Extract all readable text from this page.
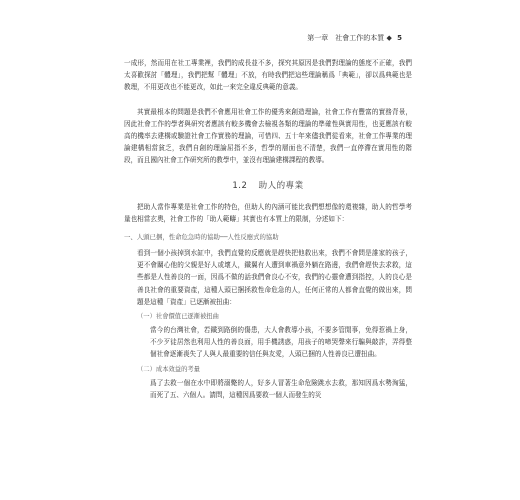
第一章　社會工作的本質 ◆ 5

一成形，然而用在社工專業裡，我們的成長並不多，探究其原因是我們對理論的態度不正確，我們太喜歡探討「體理」，我們把幫「體理」不放，有時我們把這些理論稱爲「典範」，卻以爲典範也是教理，不用更改也不能更改，如此一來完全違反典範的意義。

其實最根本的問題是我們不會應用社會工作的優秀來創造理論，社會工作有豐富的實務背景，因此社會工作的學者與研究者應該有較多機會去檢視各類的理論的準確性與實用性，也更應該有較高的機率去建構或驗證社會工作實務的理論，可惜四、五十年來儘我們從看來，社會工作專業的理論建構相當貧乏，我們自創的理論屈指不多，哲學的層面也不清楚，我們一直停滯在實用性的階段，而且國內社會工作研究所的教學中，並沒有理論建構課程的教導。

1.2 助人的專業

把助人當作專業是社會工作的特色，但助人的內涵可能比我們想想像的還複雜，助人的哲學考量也相當玄奧，社會工作的「助人範疇」其實也有本質上的限制，分述如下：

一、人頭已捆，性命危急時的協助──人性反應式的協助

看到一個小孩掉到水缸中，我們直覺的反應就是趕快把他救出來，我們不會問是誰家的孩子，更不會關心他的父親是好人或壞人，鐵翼有人遭到車禍意外躺在路邊，我們會趕快去求救，這些都是人性善良的一面，因爲不做的話我們會良心不安，我們的心靈會遭到指控，人的良心是善良社會的重要資產，這種人頭已捆拯救性命危急的人，任何正常的人都會直覺的做出來，問題是這種「資產」已逐漸被扭曲：

（一）社會價值已逐漸被扭曲

當今的台灣社會，若鐵到路倒的傷患，大人會教導小孩，不要多管閒事，免得惹禍上身，不少歹徒居然也利用人性的善良面，用手機誘惑，用孩子的啼哭聲來行騙與敲詐，弄得整個社會逐漸喪失了人與人最重要的信任與友愛，人頭已捆的人性善良已遭扭曲。

（二）成本效益的考量

爲了去救一個在水中即將溺斃的人，好多人冒著生命危險跳水去救，那知因爲水勢洶猛，而死了五、六個人。請問，這種因爲要救一個人而發生的災
